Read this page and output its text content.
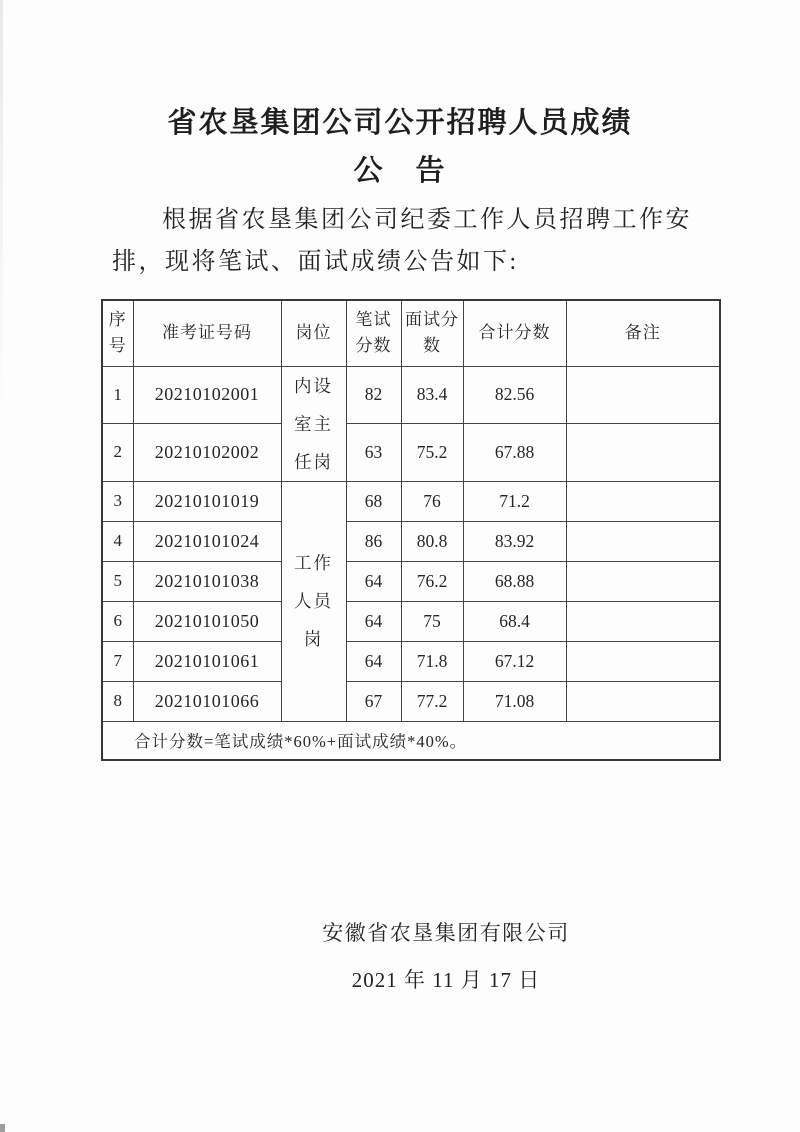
省农垦集团公司公开招聘人员成绩
公　告

根据省农垦集团公司纪委工作人员招聘工作安排，现将笔试、面试成绩公告如下:

序号	准考证号码	岗位	笔试分数	面试分数	合计分数	备注
1	20210102001	内设室主任岗	82	83.4	82.56	
2	20210102002		63	75.2	67.88	
3	20210101019	工作人员岗	68	76	71.2	
4	20210101024		86	80.8	83.92	
5	20210101038		64	76.2	68.88	
6	20210101050		64	75	68.4	
7	20210101061		64	71.8	67.12	
8	20210101066		67	77.2	71.08	
合计分数=笔试成绩*60%+面试成绩*40%。						
安徽省农垦集团有限公司
2021 年 11 月 17 日
